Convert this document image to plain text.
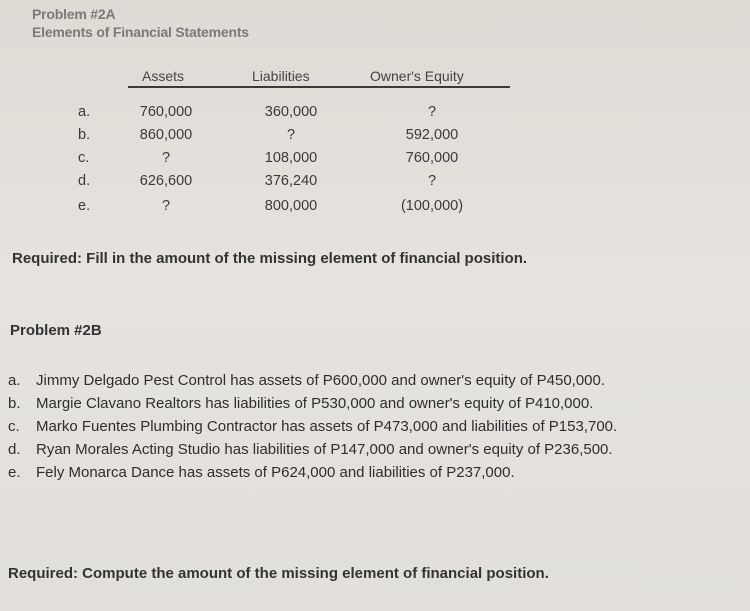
Problem #2A
Elements of Financial Statements
Assets	Liabilities	Owner's Equity
a.	760,000	360,000	?
b.	860,000	?	592,000
c.	?	108,000	760,000
d.	626,600	376,240	?
e.	?	800,000	(100,000)
Required: Fill in the amount of the missing element of financial position.
Problem #2B
a.	Jimmy Delgado Pest Control has assets of P600,000 and owner's equity of P450,000.
b.	Margie Clavano Realtors has liabilities of P530,000 and owner's equity of P410,000.
c.	Marko Fuentes Plumbing Contractor has assets of P473,000 and liabilities of P153,700.
d.	Ryan Morales Acting Studio has liabilities of P147,000 and owner's equity of P236,500.
e.	Fely Monarca Dance has assets of P624,000 and liabilities of P237,000.
Required: Compute the amount of the missing element of financial position.
